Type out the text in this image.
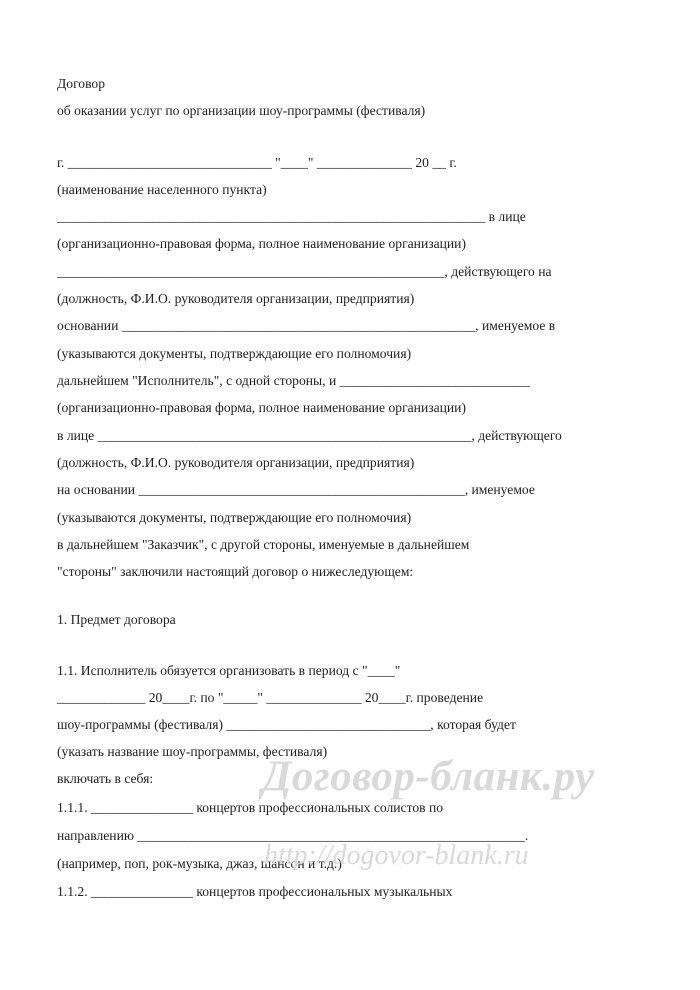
Договор
об оказании услуг по организации шоу-программы (фестиваля)
г. ______________________________ "____" ______________ 20 __ г.
(наименование населенного пункта)
_______________________________________________________________ в лице
(организационно-правовая форма, полное наименование организации)
_________________________________________________________, действующего на
(должность, Ф.И.О. руководителя организации, предприятия)
основании ____________________________________________________, именуемое в
(указываются документы, подтверждающие его полномочия)
дальнейшем "Исполнитель", с одной стороны, и ____________________________
(организационно-правовая форма, полное наименование организации)
в лице _______________________________________________________, действующего
(должность, Ф.И.О. руководителя организации, предприятия)
на основании ________________________________________________, именуемое
(указываются документы, подтверждающие его полномочия)
в дальнейшем "Заказчик", с другой стороны, именуемые в дальнейшем
"стороны" заключили настоящий договор о нижеследующем:
1. Предмет договора
1.1. Исполнитель обязуется организовать в период с "____"
_____________ 20____г. по "_____" ______________ 20____г. проведение
шоу-программы (фестиваля) ______________________________, которая будет
(указать название шоу-программы, фестиваля)
включать в себя:
1.1.1. _______________ концертов профессиональных солистов по
направлению _________________________________________________________.
(например, поп, рок-музыка, джаз, шансон и т.д.)
1.1.2. _______________ концертов профессиональных музыкальных
Договор-бланк.ру
http://dogovor-blank.ru
